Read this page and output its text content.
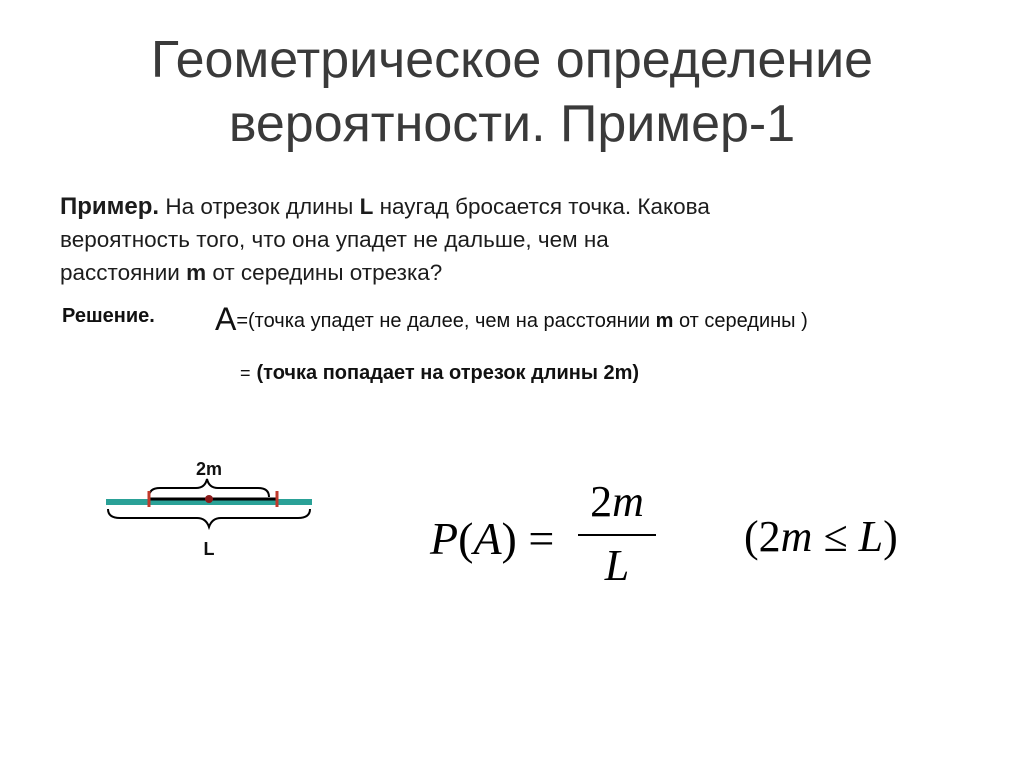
Геометрическое определение
вероятности. Пример-1
Пример. На отрезок длины L наугад бросается точка. Какова
вероятность того, что она упадет не дальше, чем на
расстоянии m от середины отрезка?
Решение. A=(точка упадет не далее, чем на расстоянии m от середины )
= (точка попадает на отрезок длины 2m)
2m
L	P(A) =
2m
L
(2m ≤ L)
